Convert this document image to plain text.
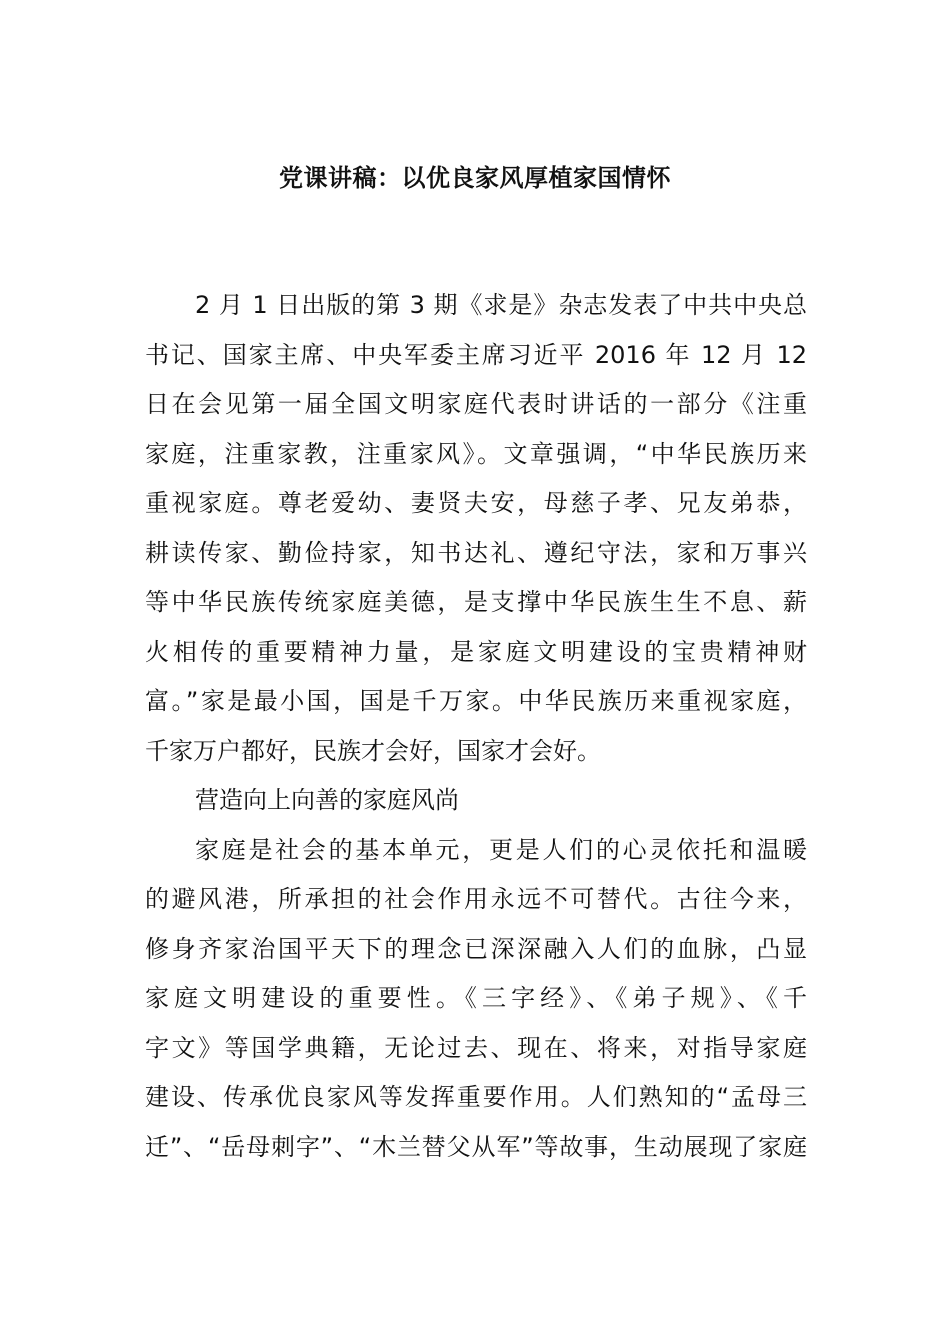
党课讲稿：以优良家风厚植家国情怀
2 月 1 日出版的第 3 期《求是》杂志发表了中共中央总
书记、国家主席、中央军委主席习近平 2016 年 12 月 12
日在会见第一届全国文明家庭代表时讲话的一部分《注重
家庭，注重家教，注重家风》。文章强调，“中华民族历来
重视家庭。尊老爱幼、妻贤夫安，母慈子孝、兄友弟恭，
耕读传家、勤俭持家，知书达礼、遵纪守法，家和万事兴
等中华民族传统家庭美德，是支撑中华民族生生不息、薪
火相传的重要精神力量，是家庭文明建设的宝贵精神财
富。”家是最小国，国是千万家。中华民族历来重视家庭，
千家万户都好，民族才会好，国家才会好。
营造向上向善的家庭风尚
家庭是社会的基本单元，更是人们的心灵依托和温暖
的避风港，所承担的社会作用永远不可替代。古往今来，
修身齐家治国平天下的理念已深深融入人们的血脉，凸显
家庭文明建设的重要性。《三字经》、《弟子规》、《千
字文》等国学典籍，无论过去、现在、将来，对指导家庭
建设、传承优良家风等发挥重要作用。人们熟知的“孟母三
迁”、“岳母刺字”、“木兰替父从军”等故事，生动展现了家庭
